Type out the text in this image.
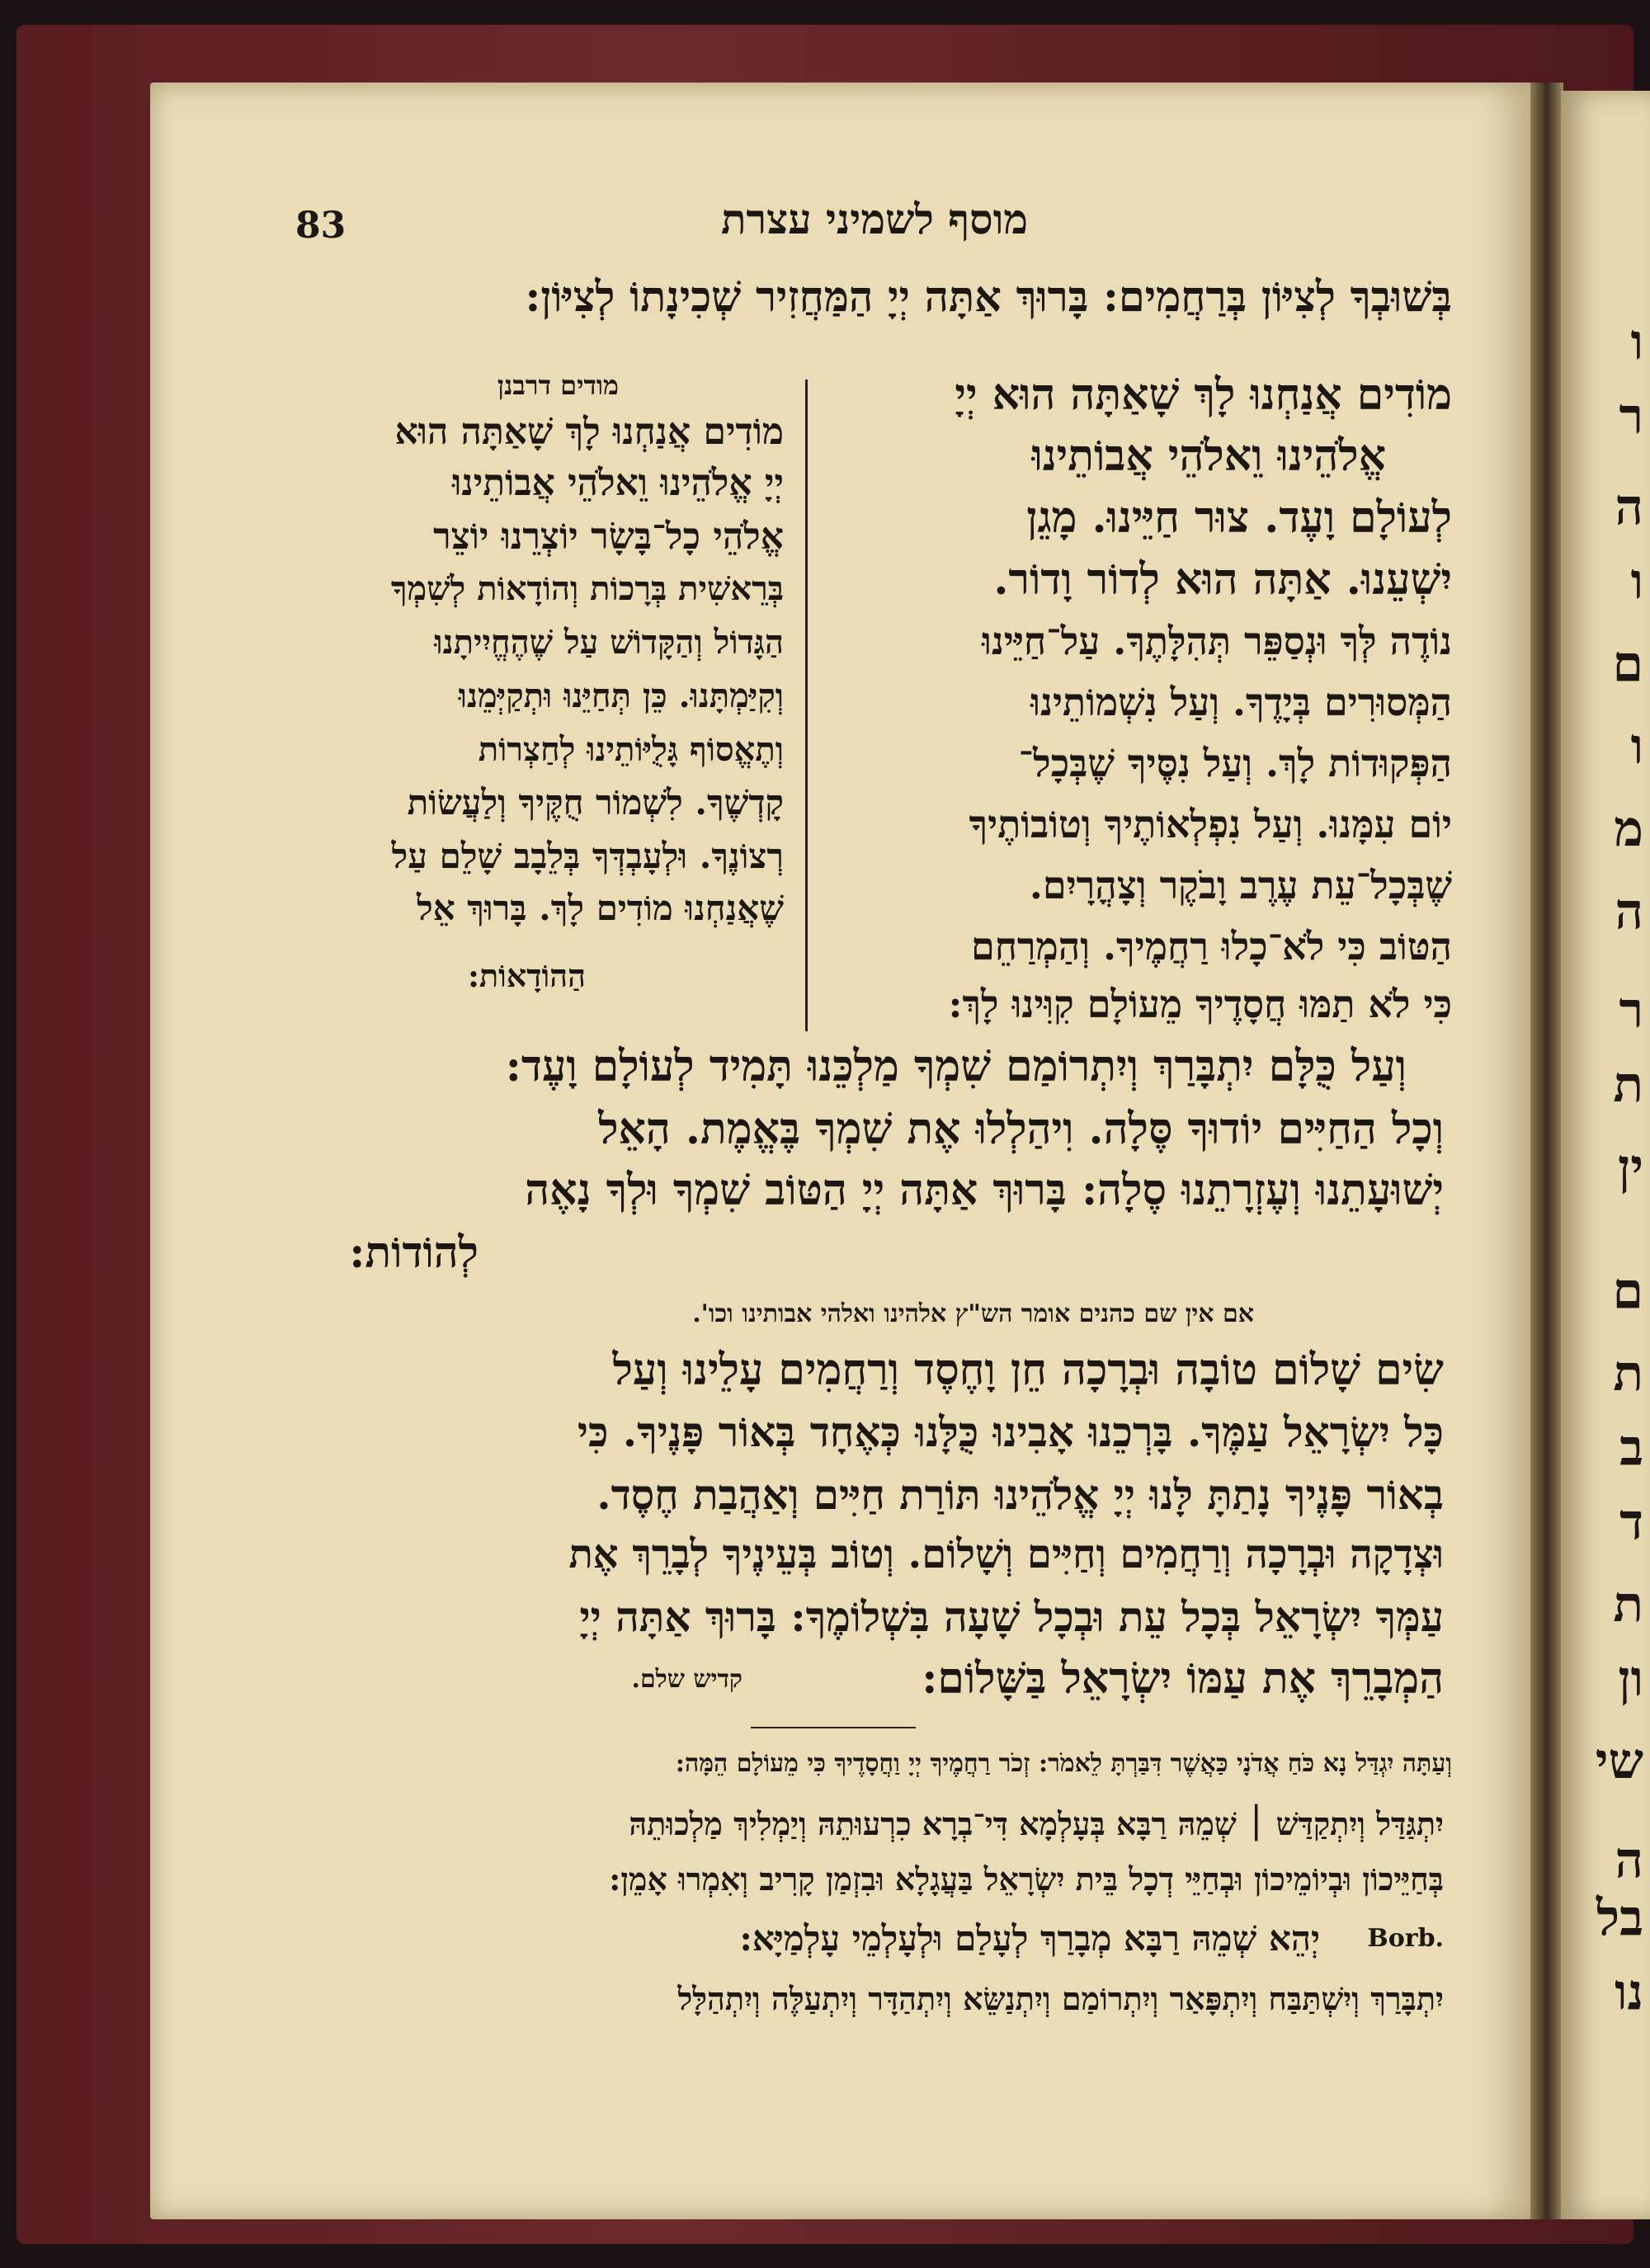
ו
ר
ה
ו
ם
ו
מ
ה
ר
ת
ין
ם
ת
ב
ד
ת
ון
שי
ה
בל
נו
83	מוסף לשמיני עצרת
בְּשׁוּבְךָ לְצִיּוֹן בְּרַחֲמִים: בָּרוּךְ אַתָּה יְיָ הַמַּחֲזִיר שְׁכִינָתוֹ לְצִיּוֹן:
מוֹדִים אֲנַחְנוּ לָךְ שָׁאַתָּה הוּא יְיָ
אֱלֹהֵינוּ וֵאלֹהֵי אֲבוֹתֵינוּ
לְעוֹלָם וָעֶד. צוּר חַיֵּינוּ. מָגֵן
יִשְׁעֵנוּ. אַתָּה הוּא לְדוֹר וָדוֹר.
נוֹדֶה לְּךָ וּנְסַפֵּר תְּהִלָּתֶךָ. עַל־חַיֵּינוּ
הַמְּסוּרִים בְּיָדֶךָ. וְעַל נִשְׁמוֹתֵינוּ
הַפְּקוּדוֹת לָךְ. וְעַל נִסֶּיךָ שֶׁבְּכָל־
יוֹם עִמָּנוּ. וְעַל נִפְלְאוֹתֶיךָ וְטוֹבוֹתֶיךָ
שֶׁבְּכָל־עֵת עֶרֶב וָבֹקֶר וְצָהֳרָיִם.
הַטּוֹב כִּי לֹא־כָלוּ רַחֲמֶיךָ. וְהַמְרַחֵם
כִּי לֹא תַמּוּ חֲסָדֶיךָ מֵעוֹלָם קִוִּינוּ לָךְ:
מודים דרבנן
מוֹדִים אֲנַחְנוּ לָךְ שָׁאַתָּה הוּא
יְיָ אֱלֹהֵינוּ וֵאלֹהֵי אֲבוֹתֵינוּ
אֱלֹהֵי כָל־בָּשָׂר יוֹצְרֵנוּ יוֹצֵר
בְּרֵאשִׁית בְּרָכוֹת וְהוֹדָאוֹת לְשִׁמְךָ
הַגָּדוֹל וְהַקָּדוֹשׁ עַל שֶׁהֶחֱיִיתָנוּ
וְקִיַּמְתָּנוּ. כֵּן תְּחַיֵּנוּ וּתְקַיְּמֵנוּ
וְתֶאֱסוֹף גָּלֻיּוֹתֵינוּ לְחַצְרוֹת
קָדְשֶׁךָ. לִשְׁמוֹר חֻקֶּיךָ וְלַעֲשׂוֹת
רְצוֹנֶךָ. וּלְעָבְדְּךָ בְּלֵבָב שָׁלֵם עַל
שֶׁאֲנַחְנוּ מוֹדִים לָךְ. בָּרוּךְ אֵל
הַהוֹדָאוֹת:
וְעַל כֻּלָּם יִתְבָּרַךְ וְיִתְרוֹמַם שִׁמְךָ מַלְכֵּנוּ תָּמִיד לְעוֹלָם וָעֶד:
וְכָל הַחַיִּים יוֹדוּךָ סֶּלָה. וִיהַלְלוּ אֶת שִׁמְךָ בֶּאֱמֶת. הָאֵל
יְשׁוּעָתֵנוּ וְעֶזְרָתֵנוּ סֶלָה: בָּרוּךְ אַתָּה יְיָ הַטּוֹב שִׁמְךָ וּלְךָ נָאֶה
לְהוֹדוֹת:
אם אין שם כהנים אומר הש"ץ אלהינו ואלהי אבותינו וכו'.
שִׂים שָׁלוֹם טוֹבָה וּבְרָכָה חֵן וָחֶסֶד וְרַחֲמִים עָלֵינוּ וְעַל
כָּל יִשְׂרָאֵל עַמֶּךָ. בָּרְכֵנוּ אָבִינוּ כֻּלָּנוּ כְּאֶחָד בְּאוֹר פָּנֶיךָ. כִּי
בְאוֹר פָּנֶיךָ נָתַתָּ לָּנוּ יְיָ אֱלֹהֵינוּ תּוֹרַת חַיִּים וְאַהֲבַת חֶסֶד.
וּצְדָקָה וּבְרָכָה וְרַחֲמִים וְחַיִּים וְשָׁלוֹם. וְטוֹב בְּעֵינֶיךָ לְבָרֵךְ אֶת
עַמְּךָ יִשְׂרָאֵל בְּכָל עֵת וּבְכָל שָׁעָה בִּשְׁלוֹמֶךָ: בָּרוּךְ אַתָּה יְיָ
הַמְבָרֵךְ אֶת עַמּוֹ יִשְׂרָאֵל בַּשָּׁלוֹם:
קדיש שלם.
וְעַתָּה יִגְדַּל נָא כֹּחַ אֲדֹנָי כַּאֲשֶׁר דִּבַּרְתָּ לֵאמֹר: זְכֹר רַחֲמֶיךָ יְיָ וַחֲסָדֶיךָ כִּי מֵעוֹלָם הֵמָּה:
יִתְגַּדַּל וְיִתְקַדַּשׁ ׀ שְׁמֵהּ רַבָּא בְּעָלְמָא דִּי־בְרָא כִרְעוּתֵהּ וְיַמְלִיךְ מַלְכוּתֵהּ
בְּחַיֵּיכוֹן וּבְיוֹמֵיכוֹן וּבְחַיֵּי דְכָל בֵּית יִשְׂרָאֵל בַּעֲגָלָא וּבִזְמַן קָרִיב וְאִמְרוּ אָמֵן:
יְהֵא שְׁמֵהּ רַבָּא מְבָרַךְ לְעָלַם וּלְעָלְמֵי עָלְמַיָּא: Borb.
יִתְבָּרַךְ וְיִשְׁתַּבַּח וְיִתְפָּאַר וְיִתְרוֹמַם וְיִתְנַשֵּׂא וְיִתְהַדָּר וְיִתְעַלֶּה וְיִתְהַלָּל
